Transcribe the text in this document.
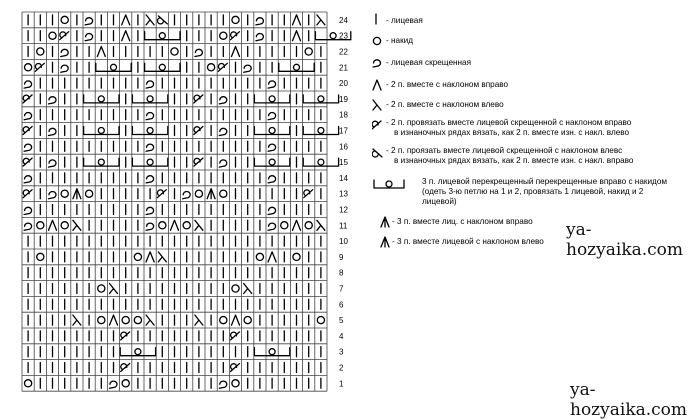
24
23
22
21
20
19
18
17
16
15
14
13
12
11
10
9
8
7
6
5
4
3
2
1
- лицевая
- накид
- лицевая скрещенная
- 2 п. вместе с наклоном вправо
- 2 п. вместе с наклоном влево
- 2 п. провязать вместе лицевой скрещенной с наклоном вправо
в изнаночных рядах вязать, как 2 п. вместе изн. с накл. влево
- 2 п. проязать вместе лицевой скрещенной с наклоном влевс
в изнаночных рядах вязать, как 2 п. вместе изн. с накл. вправо
3 п. лицевой перекрещенный перекрещенные вправо с накидом
(одеть 3-ю петлю на 1 и 2, провязать 1 лицевой, накид и 2
лицевой)
- 3 п. вместе лиц. с наклоном вправо
- 3 п. вместе лицевой с наклоном влево
ya-hozyaika.com
ya-hozyaika.com
